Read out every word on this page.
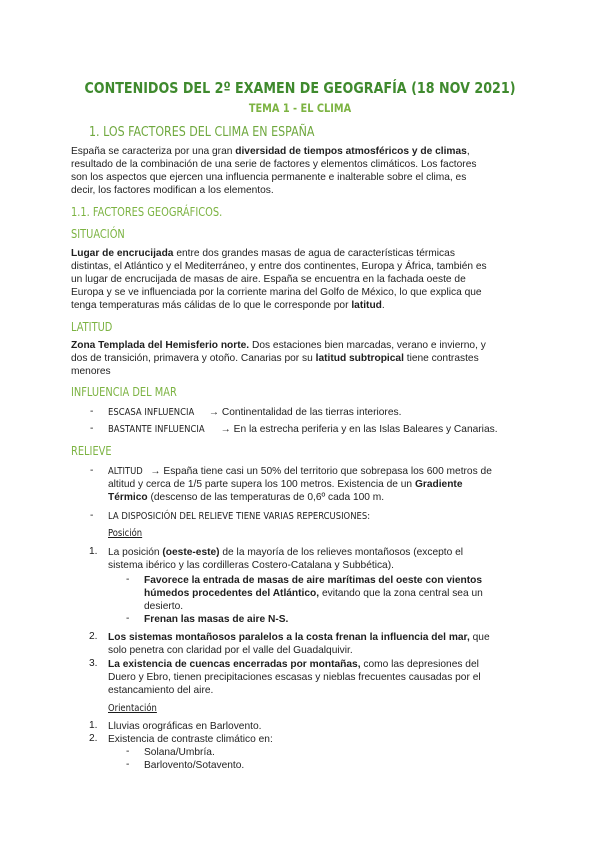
CONTENIDOS DEL 2º EXAMEN DE GEOGRAFÍA (18 NOV 2021)
TEMA 1 - EL CLIMA
1. LOS FACTORES DEL CLIMA EN ESPAÑA
España se caracteriza por una gran diversidad de tiempos atmosféricos y de climas,
resultado de la combinación de una serie de factores y elementos climáticos. Los factores
son los aspectos que ejercen una influencia permanente e inalterable sobre el clima, es
decir, los factores modifican a los elementos.
1.1. FACTORES GEOGRÁFICOS.
SITUACIÓN
Lugar de encrucijada entre dos grandes masas de agua de características térmicas
distintas, el Atlántico y el Mediterráneo, y entre dos continentes, Europa y África, también es
un lugar de encrucijada de masas de aire. España se encuentra en la fachada oeste de
Europa y se ve influenciada por la corriente marina del Golfo de México, lo que explica que
tenga temperaturas más cálidas de lo que le corresponde por latitud.
LATITUD
Zona Templada del Hemisferio norte. Dos estaciones bien marcadas, verano e invierno, y
dos de transición, primavera y otoño. Canarias por su latitud subtropical tiene contrastes
menores
INFLUENCIA DEL MAR
- ESCASA INFLUENCIA → Continentalidad de las tierras interiores.
- BASTANTE INFLUENCIA → En la estrecha periferia y en las Islas Baleares y Canarias.
RELIEVE
- ALTITUD → España tiene casi un 50% del territorio que sobrepasa los 600 metros de
altitud y cerca de 1/5 parte supera los 100 metros. Existencia de un Gradiente
Térmico (descenso de las temperaturas de 0,6º cada 100 m.
- LA DISPOSICIÓN DEL RELIEVE TIENE VARIAS REPERCUSIONES:
Posición
1. La posición (oeste-este) de la mayoría de los relieves montañosos (excepto el
sistema ibérico y las cordilleras Costero-Catalana y Subbética).
- Favorece la entrada de masas de aire marítimas del oeste con vientos
húmedos procedentes del Atlántico, evitando que la zona central sea un
desierto.
- Frenan las masas de aire N-S.
2. Los sistemas montañosos paralelos a la costa frenan la influencia del mar, que
solo penetra con claridad por el valle del Guadalquivir.
3. La existencia de cuencas encerradas por montañas, como las depresiones del
Duero y Ebro, tienen precipitaciones escasas y nieblas frecuentes causadas por el
estancamiento del aire.
Orientación
1. Lluvias orográficas en Barlovento.
2. Existencia de contraste climático en:
- Solana/Umbría.
- Barlovento/Sotavento.
